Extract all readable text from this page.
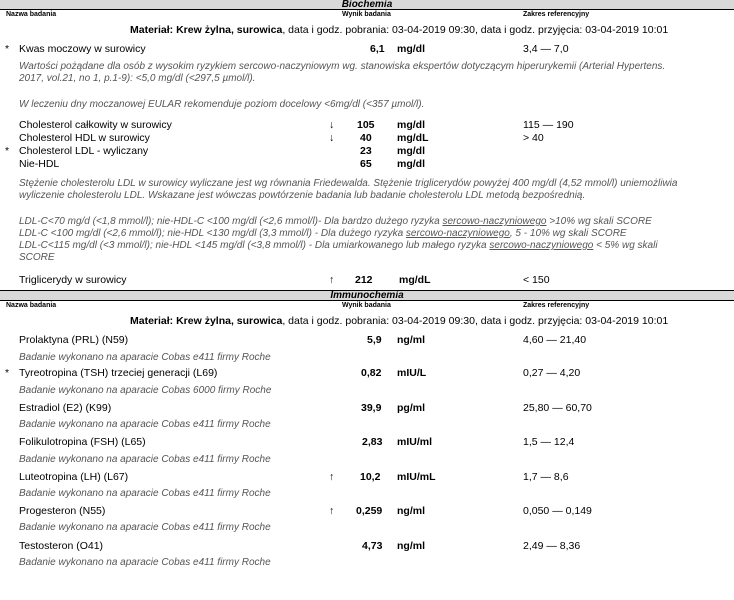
Biochemia
Nazwa badania	Wynik badania	Zakres referencyjny
Materiał: Krew żylna, surowica, data i godz. pobrania: 03-04-2019 09:30, data i godz. przyjęcia: 03-04-2019 10:01
* Kwas moczowy w surowicy	6,1 mg/dl	3,4 — 7,0
Wartości pożądane dla osób z wysokim ryzykiem sercowo-naczyniowym wg. stanowiska ekspertów dotyczącym hiperurykemii (Arterial Hypertens.
2017, vol.21, no 1, p.1-9): <5,0 mg/dl (<297,5 µmol/l).
W leczeniu dny moczanowej EULAR rekomenduje poziom docelowy <6mg/dl (<357 µmol/l).
Cholesterol całkowity w surowicy	↓ 105 mg/dl	115 — 190
Cholesterol HDL w surowicy	↓ 40 mg/dL	> 40
* Cholesterol LDL - wyliczany	23 mg/dl
Nie-HDL	65 mg/dl
Stężenie cholesterolu LDL w surowicy wyliczane jest wg równania Friedewalda. Stężenie triglicerydów powyżej 400 mg/dl (4,52 mmol/l) uniemożliwia
wyliczenie cholesterolu LDL. Wskazane jest wówczas powtórzenie badania lub badanie cholesterolu LDL metodą bezpośrednią.
LDL-C<70 mg/d (<1,8 mmol/l); nie-HDL-C <100 mg/dl (<2,6 mmol/l)- Dla bardzo dużego ryzyka sercowo-naczyniowego >10% wg skali SCORE
LDL-C <100 mg/dl (<2,6 mmol/l); nie-HDL <130 mg/dl (3,3 mmol/l) - Dla dużego ryzyka sercowo-naczyniowego, 5 - 10% wg skali SCORE
LDL-C<115 mg/dl (<3 mmol/l); nie-HDL <145 mg/dl (<3,8 mmol/l) - Dla umiarkowanego lub małego ryzyka sercowo-naczyniowego < 5% wg skali
SCORE
Triglicerydy w surowicy	↑ 212	mg/dL	< 150
Immunochemia
Nazwa badania	Wynik badania	Zakres referencyjny
Materiał: Krew żylna, surowica, data i godz. pobrania: 03-04-2019 09:30, data i godz. przyjęcia: 03-04-2019 10:01
Prolaktyna (PRL) (N59)	5,9 ng/ml	4,60 — 21,40
Badanie wykonano na aparacie Cobas e411 firmy Roche
* Tyreotropina (TSH) trzeciej generacji (L69)	0,82 mIU/L	0,27 — 4,20
Badanie wykonano na aparacie Cobas 6000 firmy Roche
Estradiol (E2) (K99)	39,9 pg/ml	25,80 — 60,70
Badanie wykonano na aparacie Cobas e411 firmy Roche
Folikulotropina (FSH) (L65)	2,83 mIU/ml	1,5 — 12,4
Badanie wykonano na aparacie Cobas e411 firmy Roche
Luteotropina (LH) (L67)	↑ 10,2 mIU/mL	1,7 — 8,6
Badanie wykonano na aparacie Cobas e411 firmy Roche
Progesteron (N55)	↑ 0,259 ng/ml	0,050 — 0,149
Badanie wykonano na aparacie Cobas e411 firmy Roche
Testosteron (O41)	4,73 ng/ml	2,49 — 8,36
Badanie wykonano na aparacie Cobas e411 firmy Roche
